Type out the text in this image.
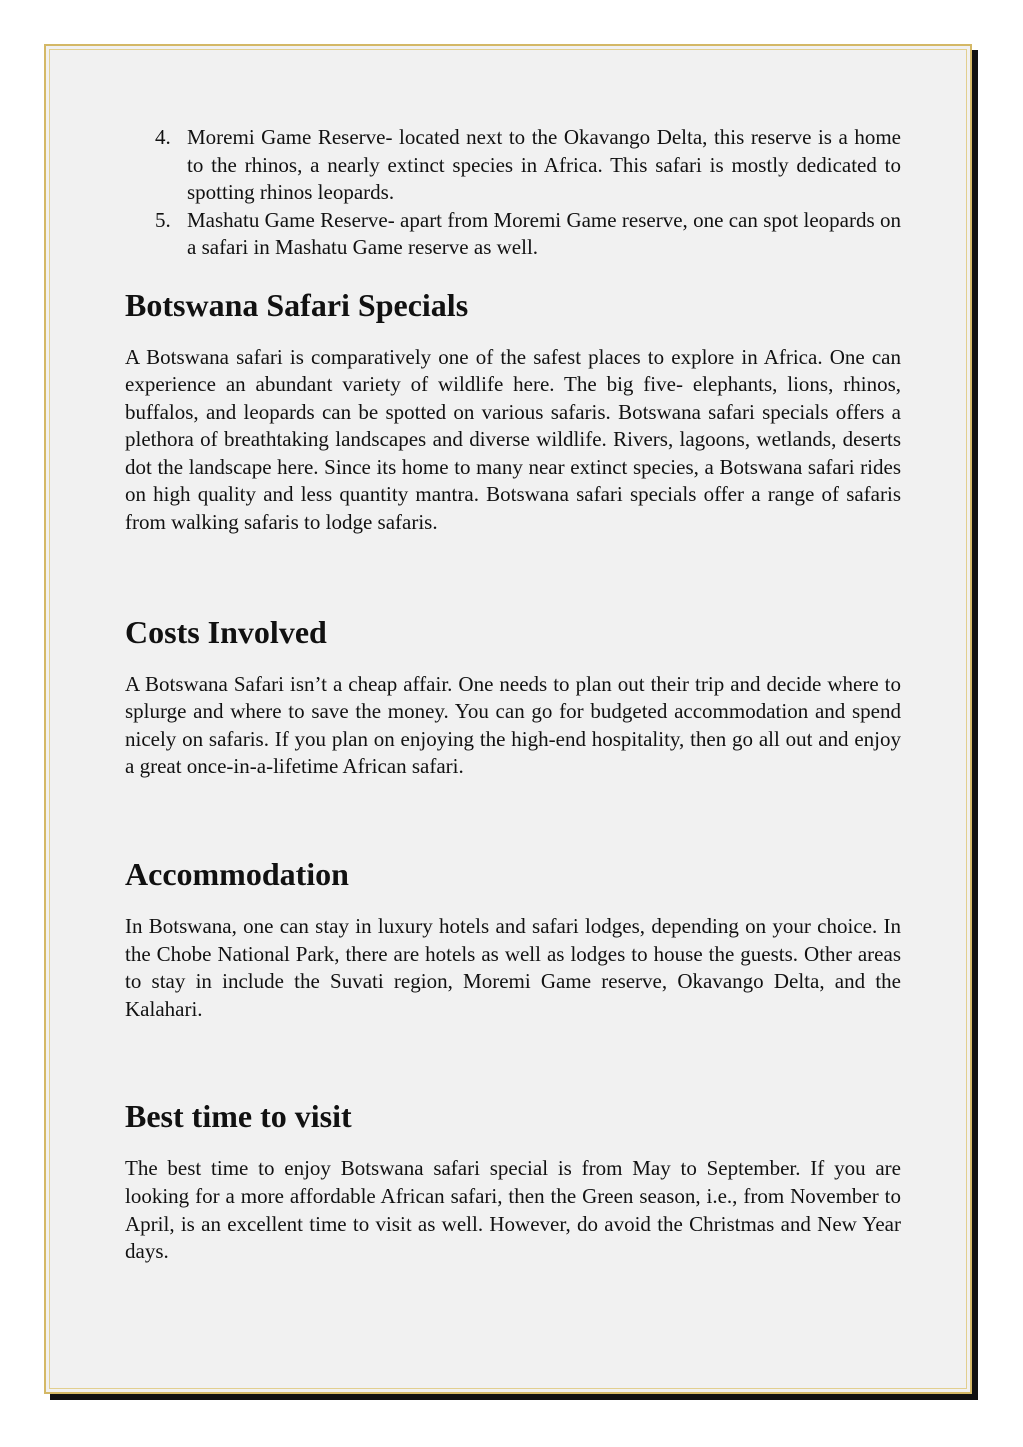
4. Moremi Game Reserve- located next to the Okavango Delta, this reserve is a home to the rhinos, a nearly extinct species in Africa. This safari is mostly dedicated to spotting rhinos leopards.
5. Mashatu Game Reserve- apart from Moremi Game reserve, one can spot leopards on a safari in Mashatu Game reserve as well.
Botswana Safari Specials

A Botswana safari is comparatively one of the safest places to explore in Africa. One can experience an abundant variety of wildlife here. The big five- elephants, lions, rhinos, buffalos, and leopards can be spotted on various safaris. Botswana safari specials offers a plethora of breathtaking landscapes and diverse wildlife. Rivers, lagoons, wetlands, deserts dot the landscape here. Since its home to many near extinct species, a Botswana safari rides on high quality and less quantity mantra. Botswana safari specials offer a range of safaris from walking safaris to lodge safaris.

Costs Involved

A Botswana Safari isn’t a cheap affair. One needs to plan out their trip and decide where to splurge and where to save the money. You can go for budgeted accommodation and spend nicely on safaris. If you plan on enjoying the high-end hospitality, then go all out and enjoy a great once-in-a-lifetime African safari.

Accommodation

In Botswana, one can stay in luxury hotels and safari lodges, depending on your choice. In the Chobe National Park, there are hotels as well as lodges to house the guests. Other areas to stay in include the Suvati region, Moremi Game reserve, Okavango Delta, and the Kalahari.

Best time to visit

The best time to enjoy Botswana safari special is from May to September. If you are looking for a more affordable African safari, then the Green season, i.e., from November to April, is an excellent time to visit as well. However, do avoid the Christmas and New Year days.
